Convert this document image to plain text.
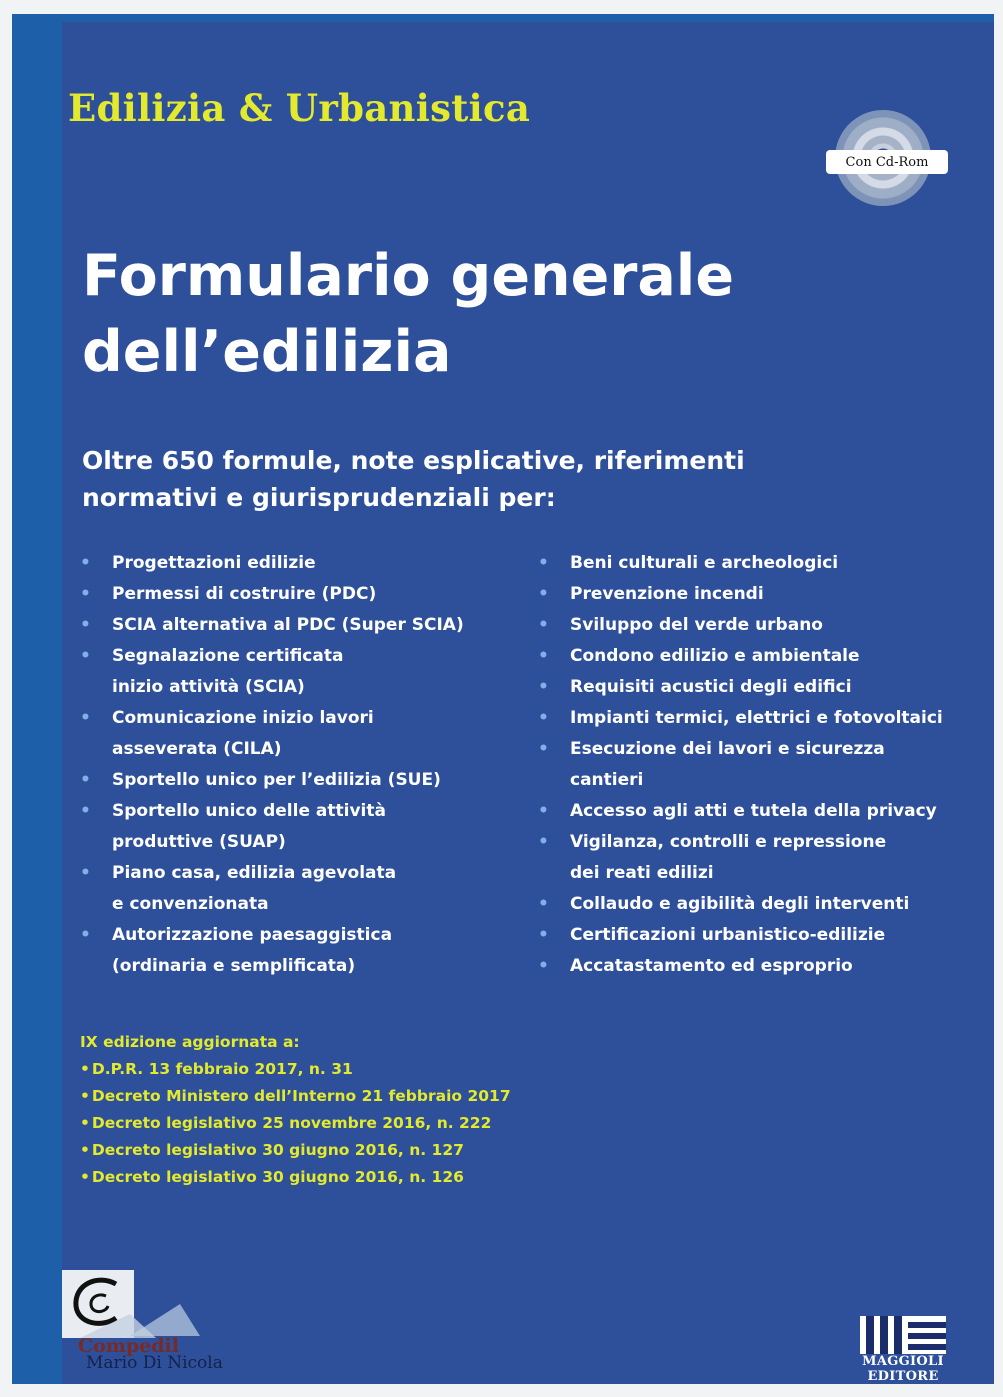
Edilizia & Urbanistica
Con Cd-Rom
Formulario generale
dell’edilizia
Oltre 650 formule, note esplicative, riferimenti
normativi e giurisprudenziali per:
• Progettazioni edilizie
• Permessi di costruire (PDC)
• SCIA alternativa al PDC (Super SCIA)
• Segnalazione certificata
inizio attività (SCIA)
• Comunicazione inizio lavori
asseverata (CILA)
• Sportello unico per l’edilizia (SUE)
• Sportello unico delle attività
produttive (SUAP)
• Piano casa, edilizia agevolata
e convenzionata
• Autorizzazione paesaggistica
(ordinaria e semplificata)
• Beni culturali e archeologici
• Prevenzione incendi
• Sviluppo del verde urbano
• Condono edilizio e ambientale
• Requisiti acustici degli edifici
• Impianti termici, elettrici e fotovoltaici
• Esecuzione dei lavori e sicurezza
cantieri
• Accesso agli atti e tutela della privacy
• Vigilanza, controlli e repressione
dei reati edilizi
• Collaudo e agibilità degli interventi
• Certificazioni urbanistico-edilizie
• Accatastamento ed esproprio
IX edizione aggiornata a:
• D.P.R. 13 febbraio 2017, n. 31
• Decreto Ministero dell’Interno 21 febbraio 2017
• Decreto legislativo 25 novembre 2016, n. 222
• Decreto legislativo 30 giugno 2016, n. 127
• Decreto legislativo 30 giugno 2016, n. 126
Compedil
Mario Di Nicola	MAGGIOLI
EDITORE
